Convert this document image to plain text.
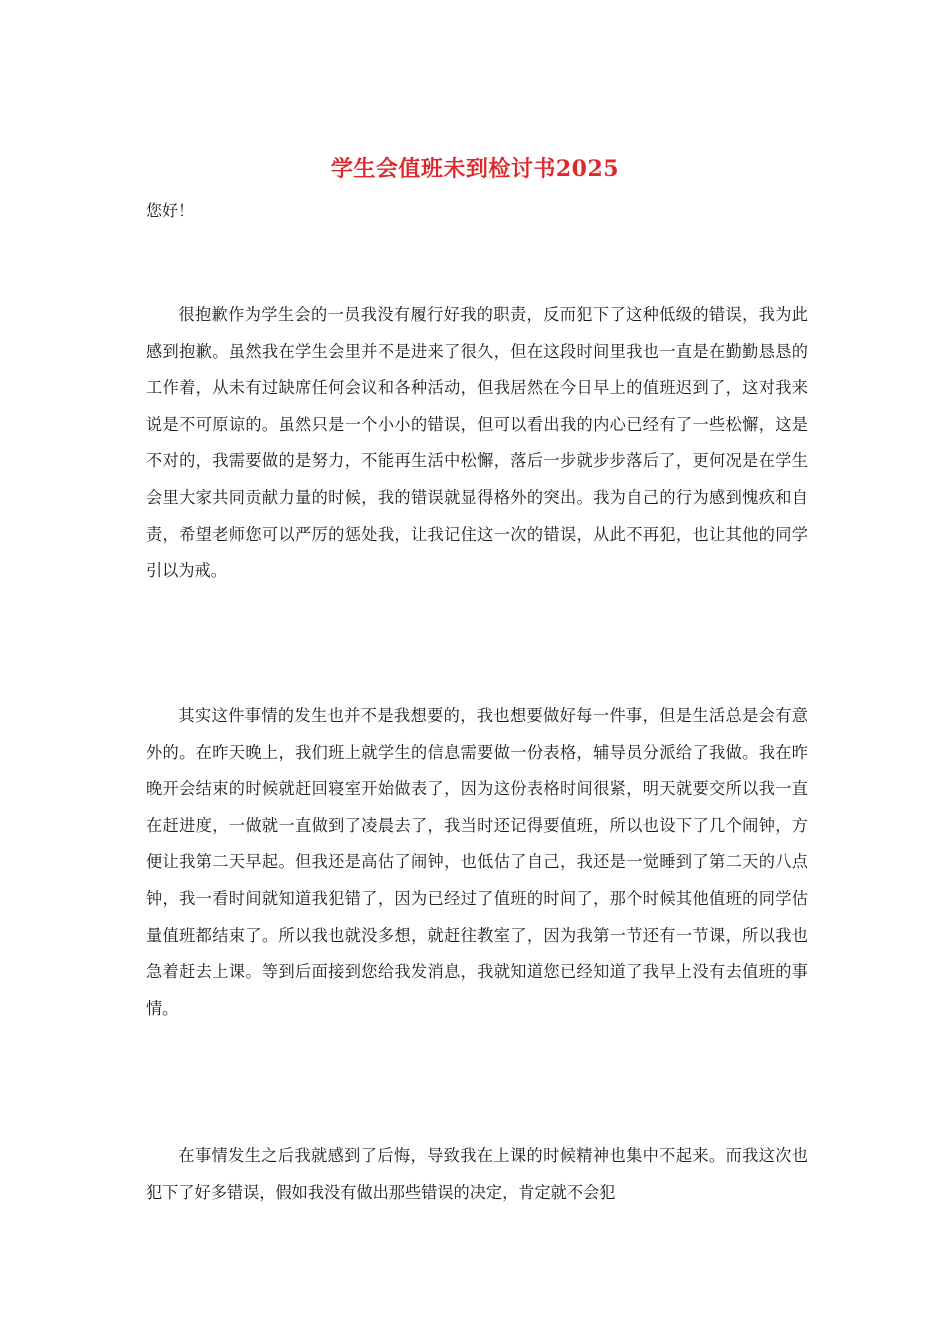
学生会值班未到检讨书2025
您好！

很抱歉作为学生会的一员我没有履行好我的职责，反而犯下了这种低级的错误，我为此感到抱歉。虽然我在学生会里并不是进来了很久，但在这段时间里我也一直是在勤勤恳恳的工作着，从未有过缺席任何会议和各种活动，但我居然在今日早上的值班迟到了，这对我来说是不可原谅的。虽然只是一个小小的错误，但可以看出我的内心已经有了一些松懈，这是不对的，我需要做的是努力，不能再生活中松懈，落后一步就步步落后了，更何况是在学生会里大家共同贡献力量的时候，我的错误就显得格外的突出。我为自己的行为感到愧疚和自责，希望老师您可以严厉的惩处我，让我记住这一次的错误，从此不再犯，也让其他的同学引以为戒。

其实这件事情的发生也并不是我想要的，我也想要做好每一件事，但是生活总是会有意外的。在昨天晚上，我们班上就学生的信息需要做一份表格，辅导员分派给了我做。我在昨晚开会结束的时候就赶回寝室开始做表了，因为这份表格时间很紧，明天就要交所以我一直在赶进度，一做就一直做到了凌晨去了，我当时还记得要值班，所以也设下了几个闹钟，方便让我第二天早起。但我还是高估了闹钟，也低估了自己，我还是一觉睡到了第二天的八点钟，我一看时间就知道我犯错了，因为已经过了值班的时间了，那个时候其他值班的同学估量值班都结束了。所以我也就没多想，就赶往教室了，因为我第一节还有一节课，所以我也急着赶去上课。等到后面接到您给我发消息，我就知道您已经知道了我早上没有去值班的事情。

在事情发生之后我就感到了后悔，导致我在上课的时候精神也集中不起来。而我这次也犯下了好多错误，假如我没有做出那些错误的决定，肯定就不会犯
